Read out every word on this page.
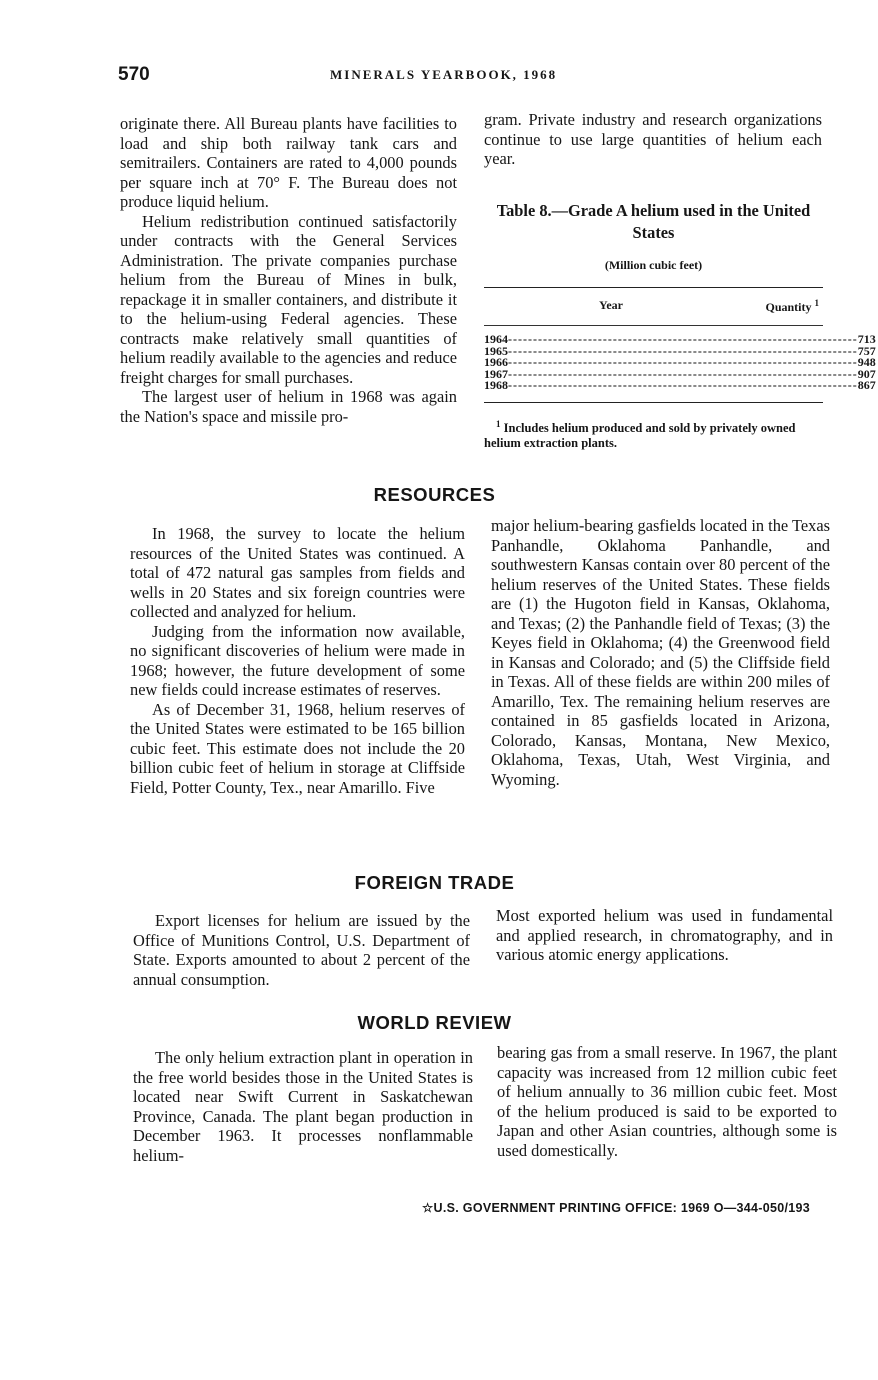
570	MINERALS YEARBOOK, 1968

originate there. All Bureau plants have facilities to load and ship both railway tank cars and semitrailers. Containers are rated to 4,000 pounds per square inch at 70° F. The Bureau does not produce liquid helium.

Helium redistribution continued satisfactorily under contracts with the General Services Administration. The private companies purchase helium from the Bureau of Mines in bulk, repackage it in smaller containers, and distribute it to the helium-using Federal agencies. These contracts make relatively small quantities of helium readily available to the agencies and reduce freight charges for small purchases.

The largest user of helium in 1968 was again the Nation's space and missile pro-

gram. Private industry and research organizations continue to use large quantities of helium each year.

Table 8.—Grade A helium used in the United States
(Million cubic feet)
Year	Quantity $^1$
1964 ---------------------------------------------------------------------- 713
1965 ---------------------------------------------------------------------- 757
1966 ---------------------------------------------------------------------- 948
1967 ---------------------------------------------------------------------- 907
1968 ---------------------------------------------------------------------- 867
$^1$ Includes helium produced and sold by privately owned helium extraction plants.
RESOURCES

In 1968, the survey to locate the helium resources of the United States was continued. A total of 472 natural gas samples from fields and wells in 20 States and six foreign countries were collected and analyzed for helium.

Judging from the information now available, no significant discoveries of helium were made in 1968; however, the future development of some new fields could increase estimates of reserves.

As of December 31, 1968, helium reserves of the United States were estimated to be 165 billion cubic feet. This estimate does not include the 20 billion cubic feet of helium in storage at Cliffside Field, Potter County, Tex., near Amarillo. Five

major helium-bearing gasfields located in the Texas Panhandle, Oklahoma Panhandle, and southwestern Kansas contain over 80 percent of the helium reserves of the United States. These fields are (1) the Hugoton field in Kansas, Oklahoma, and Texas; (2) the Panhandle field of Texas; (3) the Keyes field in Oklahoma; (4) the Greenwood field in Kansas and Colorado; and (5) the Cliffside field in Texas. All of these fields are within 200 miles of Amarillo, Tex. The remaining helium reserves are contained in 85 gasfields located in Arizona, Colorado, Kansas, Montana, New Mexico, Oklahoma, Texas, Utah, West Virginia, and Wyoming.

FOREIGN TRADE

Export licenses for helium are issued by the Office of Munitions Control, U.S. Department of State. Exports amounted to about 2 percent of the annual consumption.

Most exported helium was used in fundamental and applied research, in chromatography, and in various atomic energy applications.

WORLD REVIEW

The only helium extraction plant in operation in the free world besides those in the United States is located near Swift Current in Saskatchewan Province, Canada. The plant began production in December 1963. It processes nonflammable helium-

bearing gas from a small reserve. In 1967, the plant capacity was increased from 12 million cubic feet of helium annually to 36 million cubic feet. Most of the helium produced is said to be exported to Japan and other Asian countries, although some is used domestically.

☆U.S. GOVERNMENT PRINTING OFFICE: 1969 O—344-050/193
